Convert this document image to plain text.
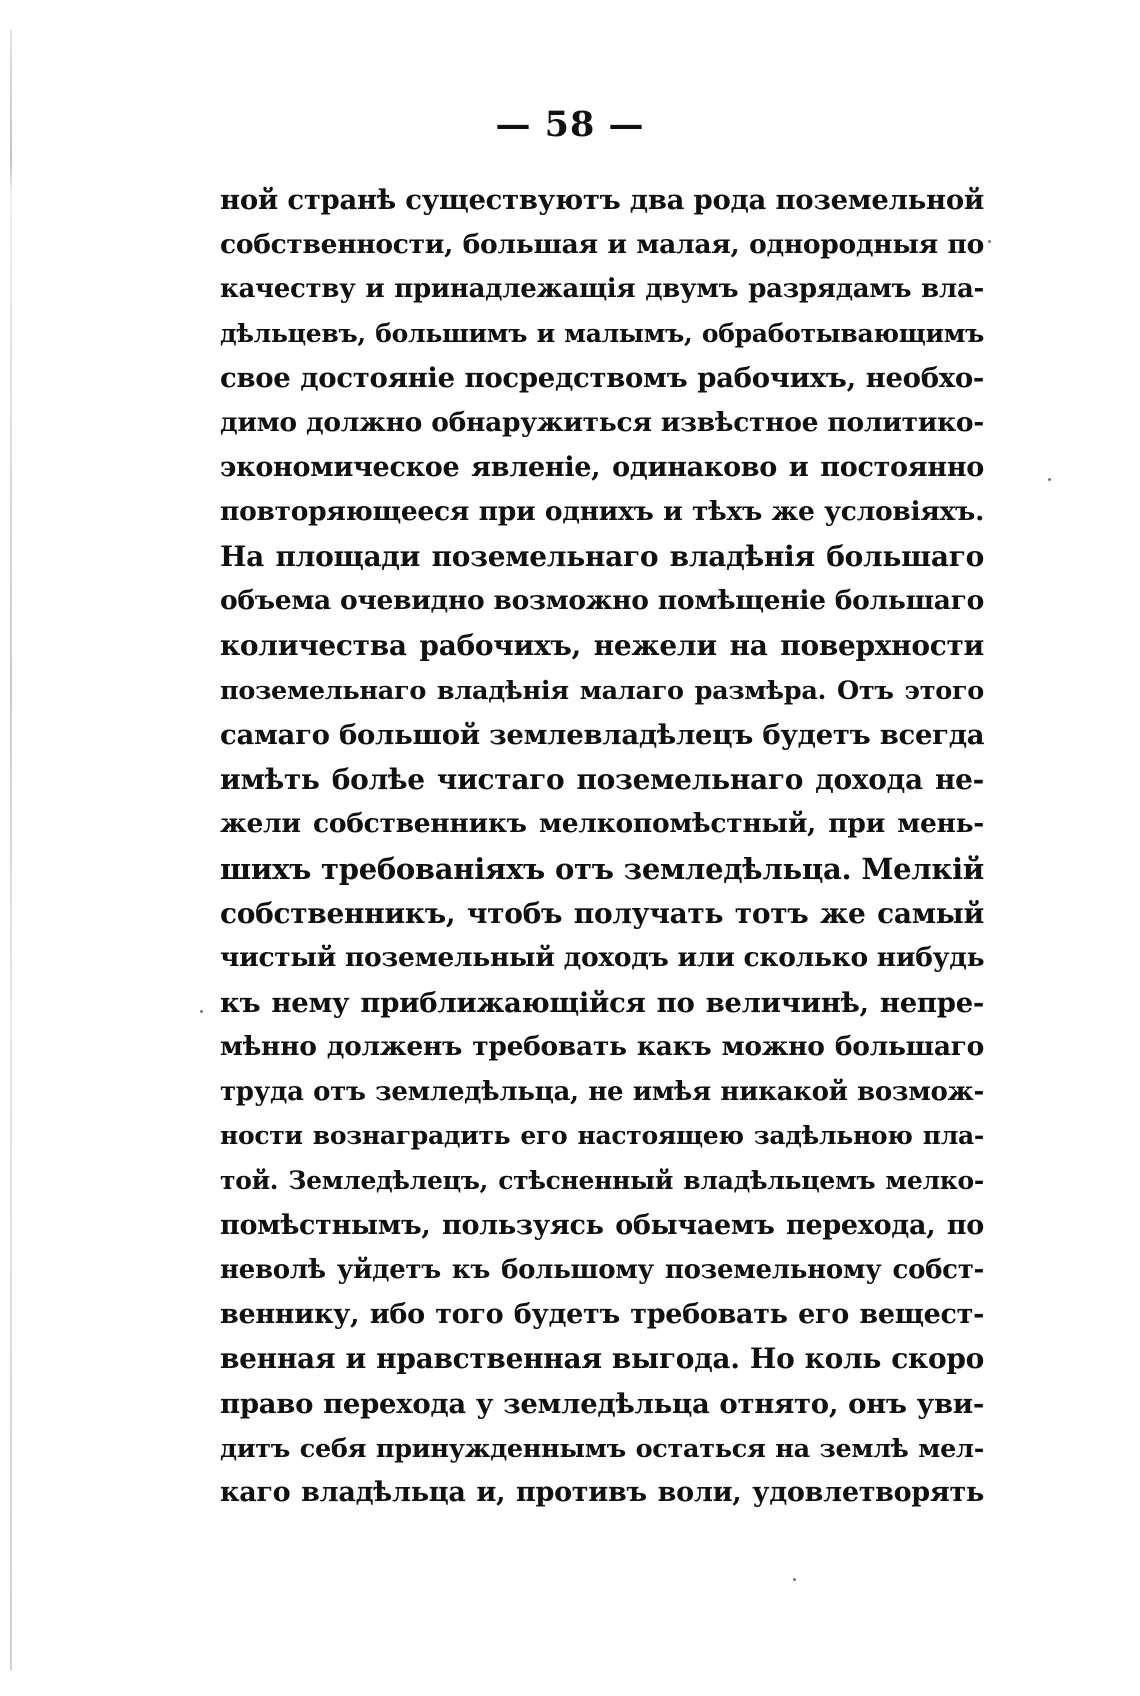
— 58 —
ной странѣ существуютъ два рода поземельной
собственности, большая и малая, однородныя по
качеству и принадлежащія двумъ разрядамъ вла-
дѣльцевъ, большимъ и малымъ, обработывающимъ
свое достояніе посредствомъ рабочихъ, необхо-
димо должно обнаружиться извѣстное политико-
экономическое явленіе, одинаково и постоянно
повторяющееся при однихъ и тѣхъ же условіяхъ.
На площади поземельнаго владѣнія большаго
объема очевидно возможно помѣщеніе большаго
количества рабочихъ, нежели на поверхности
поземельнаго владѣнія малаго размѣра. Отъ этого
самаго большой землевладѣлецъ будетъ всегда
имѣть болѣе чистаго поземельнаго дохода не-
жели собственникъ мелкопомѣстный, при мень-
шихъ требованіяхъ отъ земледѣльца. Мелкій
собственникъ, чтобъ получать тотъ же самый
чистый поземельный доходъ или сколько нибудь
къ нему приближающійся по величинѣ, непре-
мѣнно долженъ требовать какъ можно большаго
труда отъ земледѣльца, не имѣя никакой возмож-
ности вознаградить его настоящею задѣльною пла-
той. Земледѣлецъ, стѣсненный владѣльцемъ мелко-
помѣстнымъ, пользуясь обычаемъ перехода, по
неволѣ уйдетъ къ большому поземельному собст-
веннику, ибо того будетъ требовать его вещест-
венная и нравственная выгода. Но коль скоро
право перехода у земледѣльца отнято, онъ уви-
дитъ себя принужденнымъ остаться на землѣ мел-
каго владѣльца и, противъ воли, удовлетворять
